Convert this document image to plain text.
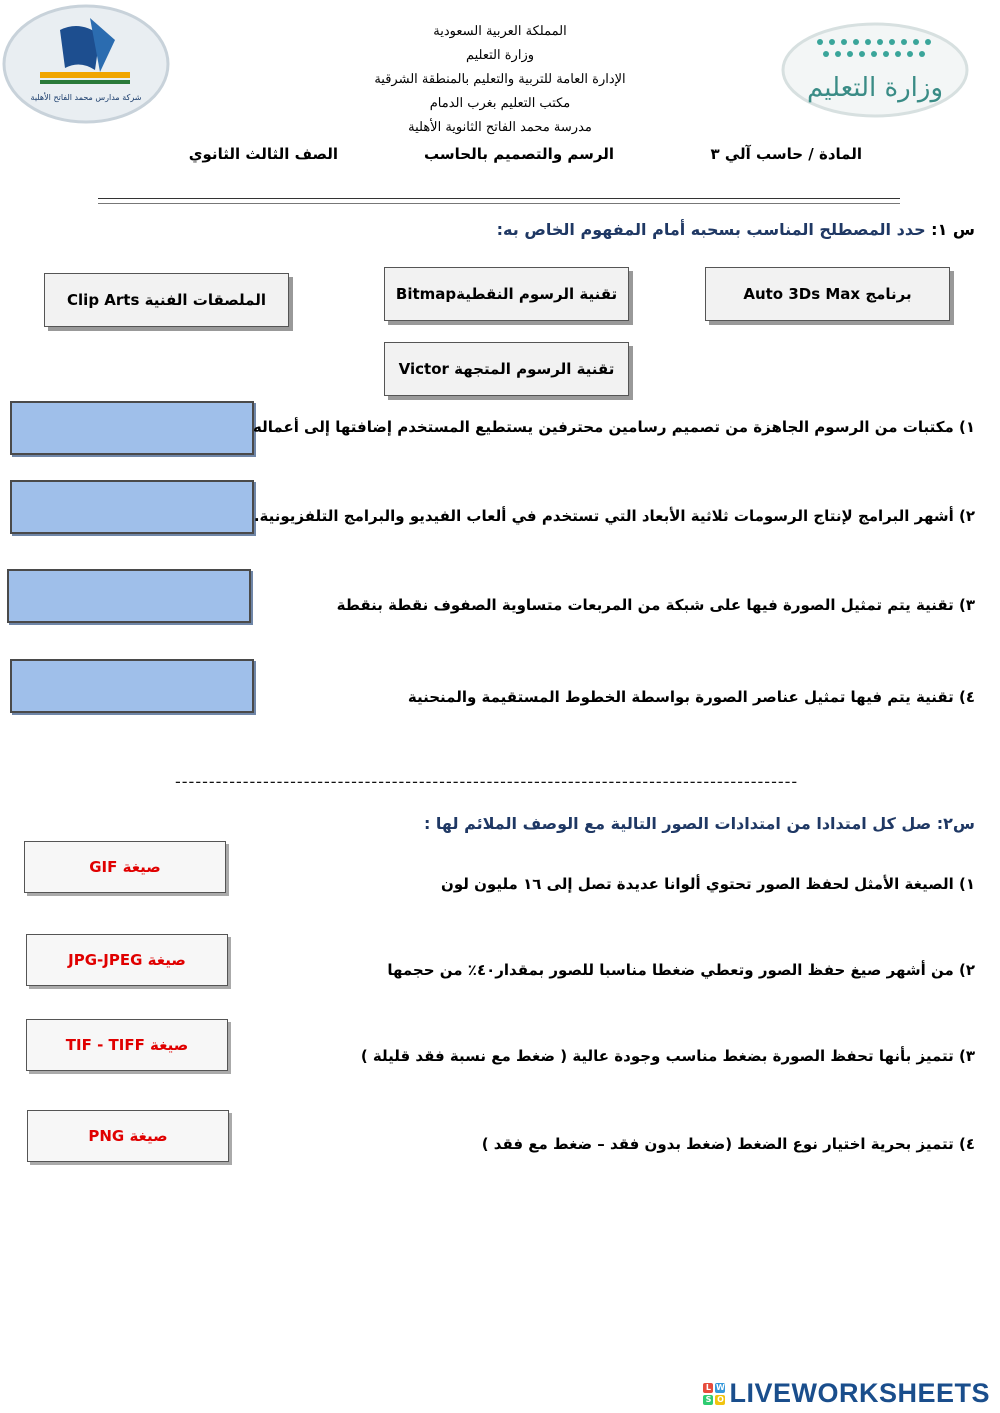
شركة مدارس محمد الفاتح الأهلية	وزارة التعليم
المملكة العربية السعودية
وزارة التعليم
الإدارة العامة للتربية والتعليم بالمنطقة الشرقية
مكتب التعليم بغرب الدمام
مدرسة محمد الفاتح الثانوية الأهلية
المادة / حاسب آلي ٣
الرسم والتصميم بالحاسب
الصف الثالث الثانوي
س ١: حدد المصطلح المناسب بسحبه أمام المفهوم الخاص به:
برنامج Auto 3Ds Max
تقنية الرسوم النقطيةBitmap
الملصقات الفنية Clip Arts
تقنية الرسوم المتجهة Victor
١) مكتبات من الرسوم الجاهزة من تصميم رسامين محترفين يستطيع المستخدم إضافتها إلى أعماله
٢) أشهر البرامج لإنتاج الرسومات ثلاثية الأبعاد التي تستخدم في ألعاب الفيديو والبرامج التلفزيونية.
٣) تقنية يتم تمثيل الصورة فيها على شبكة من المربعات متساوية الصفوف نقطة بنقطة
٤) تقنية يتم فيها تمثيل عناصر الصورة بواسطة الخطوط المستقيمة والمنحنية
--------------------------------------------------------------------------------------------
س٢: صل كل امتدادا من امتدادات الصور التالية مع الوصف الملائم لها :
صيغة GIF
١) الصيغة الأمثل لحفظ الصور تحتوي ألوانا عديدة تصل إلى ١٦ مليون لون
صيغة JPG-JPEG
٢) من أشهر صيغ حفظ الصور وتعطي ضغطا مناسبا للصور بمقدار٤٠٪ من حجمها
صيغة TIF - TIFF
٣) تتميز بأنها تحفظ الصورة بضغط مناسب وجودة عالية ( ضغط مع نسبة فقد قليلة )
صيغة PNG	٤) تتميز بحرية اختيار نوع الضغط (ضغط بدون فقد – ضغط مع فقد )
L W
S O LIVEWORKSHEETS
